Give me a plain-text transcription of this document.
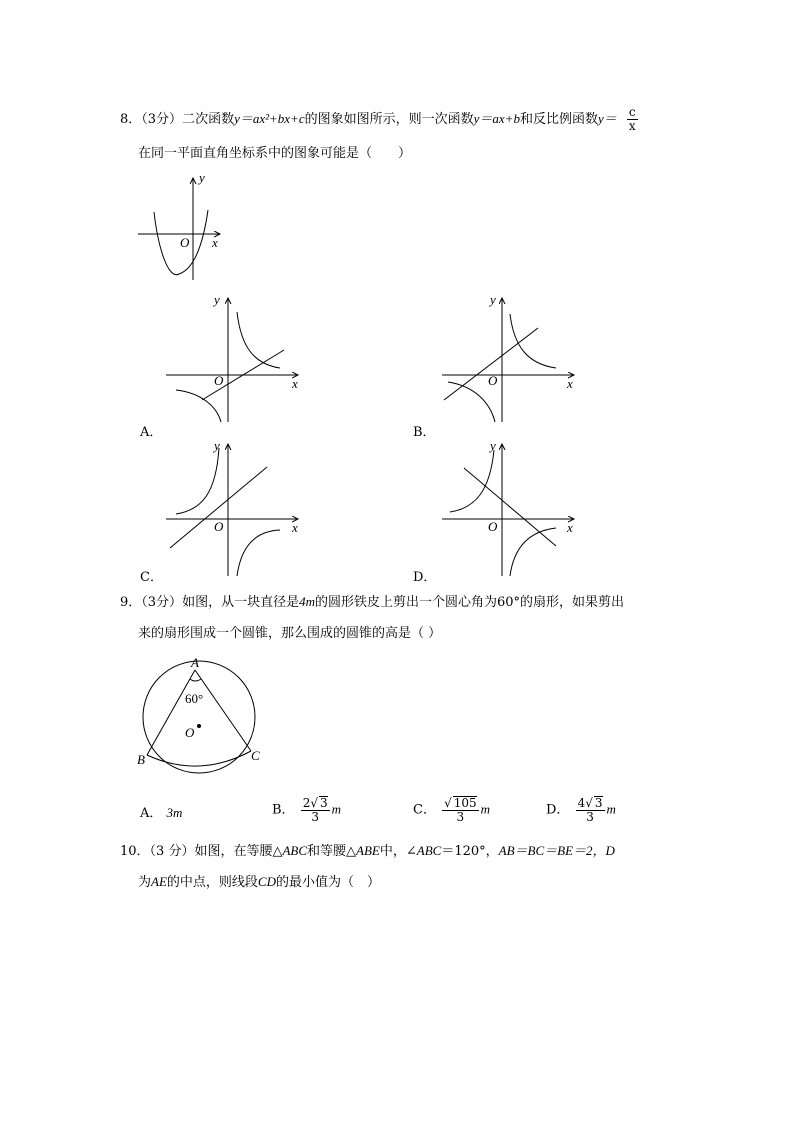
8．（3分）二次函数y＝ax²+bx+c的图象如图所示，则一次函数y＝ax+b和反比例函数$y= \frac{c}{x}$
在同一平面直角坐标系中的图象可能是（　　）
y
x
O
y
x
O
A．
y
x
O
B．
y
x
O
C．
y
x
O
D．
9．（3分）如图，从一块直径是4m的圆形铁皮上剪出一个圆心角为60°的扇形，如果剪出
来的扇形围成一个圆锥，那么围成的圆锥的高是（ ）
A
B	C
O
60°
A． 3m	B． $\frac{2√ 3}{3}$ m	C． $\frac{√ 105}{3}$ m	D． $\frac{4√ 3}{3}$ m
10．（3 分）如图，在等腰△ABC和等腰△ABE中，∠ABC＝120°，AB＝BC＝BE＝2，D
为AE的中点，则线段CD的最小值为（　）
